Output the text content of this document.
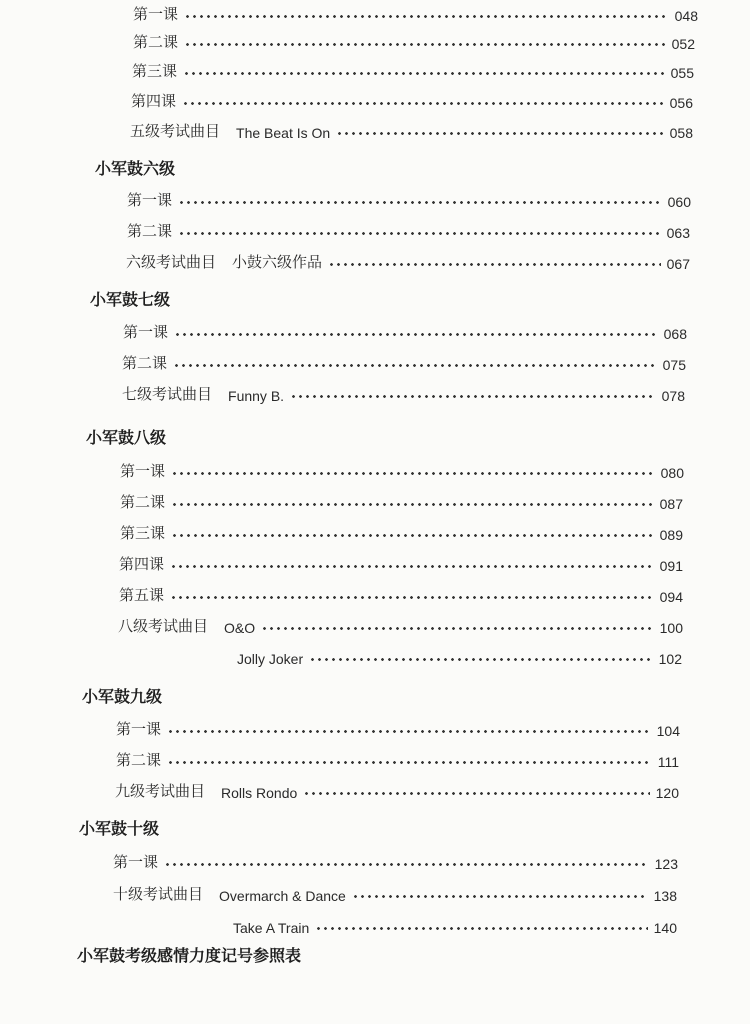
第一课	048
第二课	052
第三课	055
第四课	056
五级考试曲目 The Beat Is On	058
小军鼓六级
第一课	060
第二课	063
六级考试曲目 小鼓六级作品	067
小军鼓七级
第一课	068
第二课	075
七级考试曲目 Funny B.	078
小军鼓八级
第一课	080
第二课	087
第三课	089
第四课	091
第五课	094
八级考试曲目 O&O	100
Jolly Joker	102
小军鼓九级
第一课	104
第二课	111
九级考试曲目 Rolls Rondo	120
小军鼓十级
第一课	123
十级考试曲目 Overmarch & Dance	138
Take A Train	140
小军鼓考级感情力度记号参照表
